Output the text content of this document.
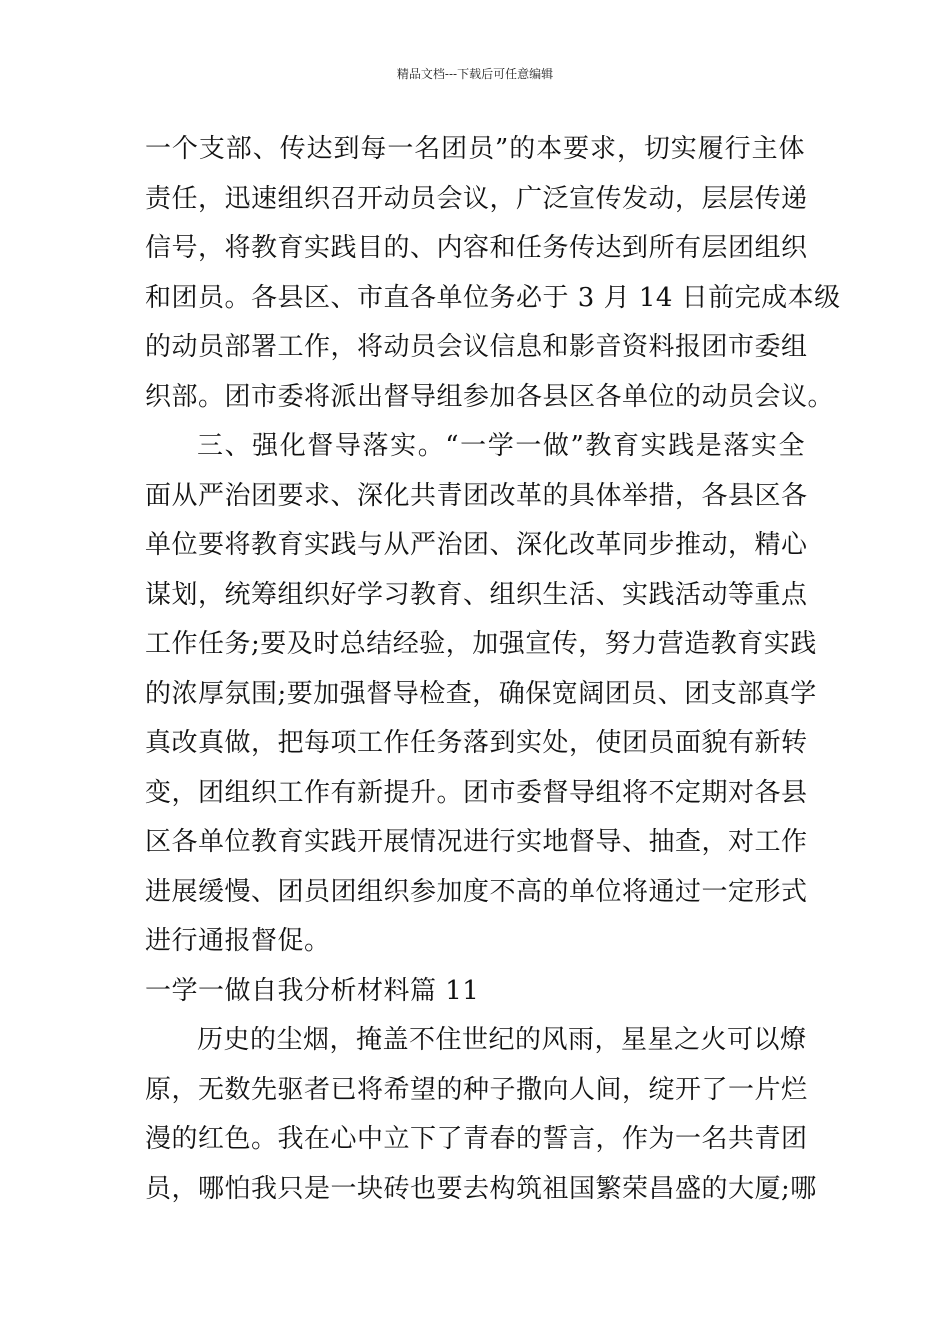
精品文档---下载后可任意编辑
一个支部、传达到每一名团员”的本要求，切实履行主体
责任，迅速组织召开动员会议，广泛宣传发动，层层传递
信号，将教育实践目的、内容和任务传达到所有层团组织
和团员。各县区、市直各单位务必于 3 月 14 日前完成本级
的动员部署工作，将动员会议信息和影音资料报团市委组
织部。团市委将派出督导组参加各县区各单位的动员会议。
三、强化督导落实。“一学一做”教育实践是落实全
面从严治团要求、深化共青团改革的具体举措，各县区各
单位要将教育实践与从严治团、深化改革同步推动，精心
谋划，统筹组织好学习教育、组织生活、实践活动等重点
工作任务;要及时总结经验，加强宣传，努力营造教育实践
的浓厚氛围;要加强督导检查，确保宽阔团员、团支部真学
真改真做，把每项工作任务落到实处，使团员面貌有新转
变，团组织工作有新提升。团市委督导组将不定期对各县
区各单位教育实践开展情况进行实地督导、抽查，对工作
进展缓慢、团员团组织参加度不高的单位将通过一定形式
进行通报督促。
一学一做自我分析材料篇 11
历史的尘烟，掩盖不住世纪的风雨，星星之火可以燎
原，无数先驱者已将希望的种子撒向人间，绽开了一片烂
漫的红色。我在心中立下了青春的誓言，作为一名共青团
员，哪怕我只是一块砖也要去构筑祖国繁荣昌盛的大厦;哪
